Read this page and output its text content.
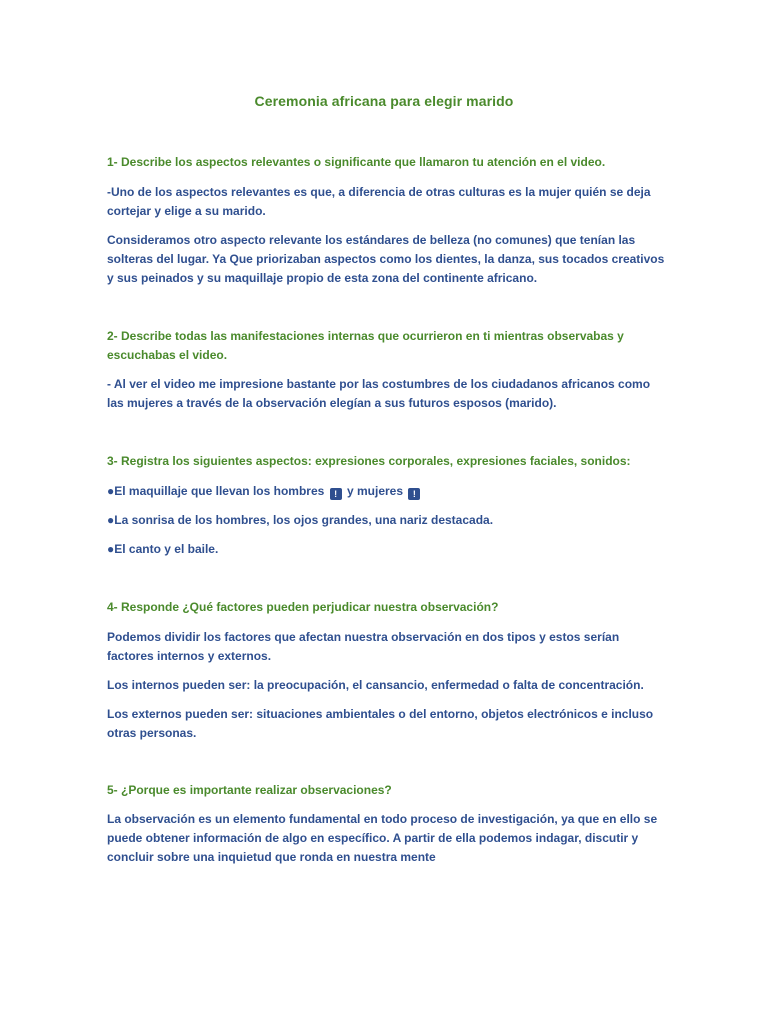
Ceremonia africana para elegir marido
1- Describe los aspectos relevantes o significante que llamaron tu atención en el video.
-Uno de los aspectos relevantes es que, a diferencia de otras culturas es la mujer quién se deja
cortejar y elige a su marido.
Consideramos otro aspecto relevante los estándares de belleza (no comunes) que tenían las
solteras del lugar. Ya Que priorizaban aspectos como los dientes, la danza, sus tocados creativos
y sus peinados y su maquillaje propio de esta zona del continente africano.
2- Describe todas las manifestaciones internas que ocurrieron en ti mientras observabas y
escuchabas el video.
- Al ver el video me impresione bastante por las costumbres de los ciudadanos africanos como
las mujeres a través de la observación elegían a sus futuros esposos (marido).
3- Registra los siguientes aspectos: expresiones corporales, expresiones faciales, sonidos:
●El maquillaje que llevan los hombres ! y mujeres !
●La sonrisa de los hombres, los ojos grandes, una nariz destacada.
●El canto y el baile.
4- Responde ¿Qué factores pueden perjudicar nuestra observación?
Podemos dividir los factores que afectan nuestra observación en dos tipos y estos serían
factores internos y externos.
Los internos pueden ser: la preocupación, el cansancio, enfermedad o falta de concentración.
Los externos pueden ser: situaciones ambientales o del entorno, objetos electrónicos e incluso
otras personas.
5- ¿Porque es importante realizar observaciones?
La observación es un elemento fundamental en todo proceso de investigación, ya que en ello se
puede obtener información de algo en específico. A partir de ella podemos indagar, discutir y
concluir sobre una inquietud que ronda en nuestra mente
